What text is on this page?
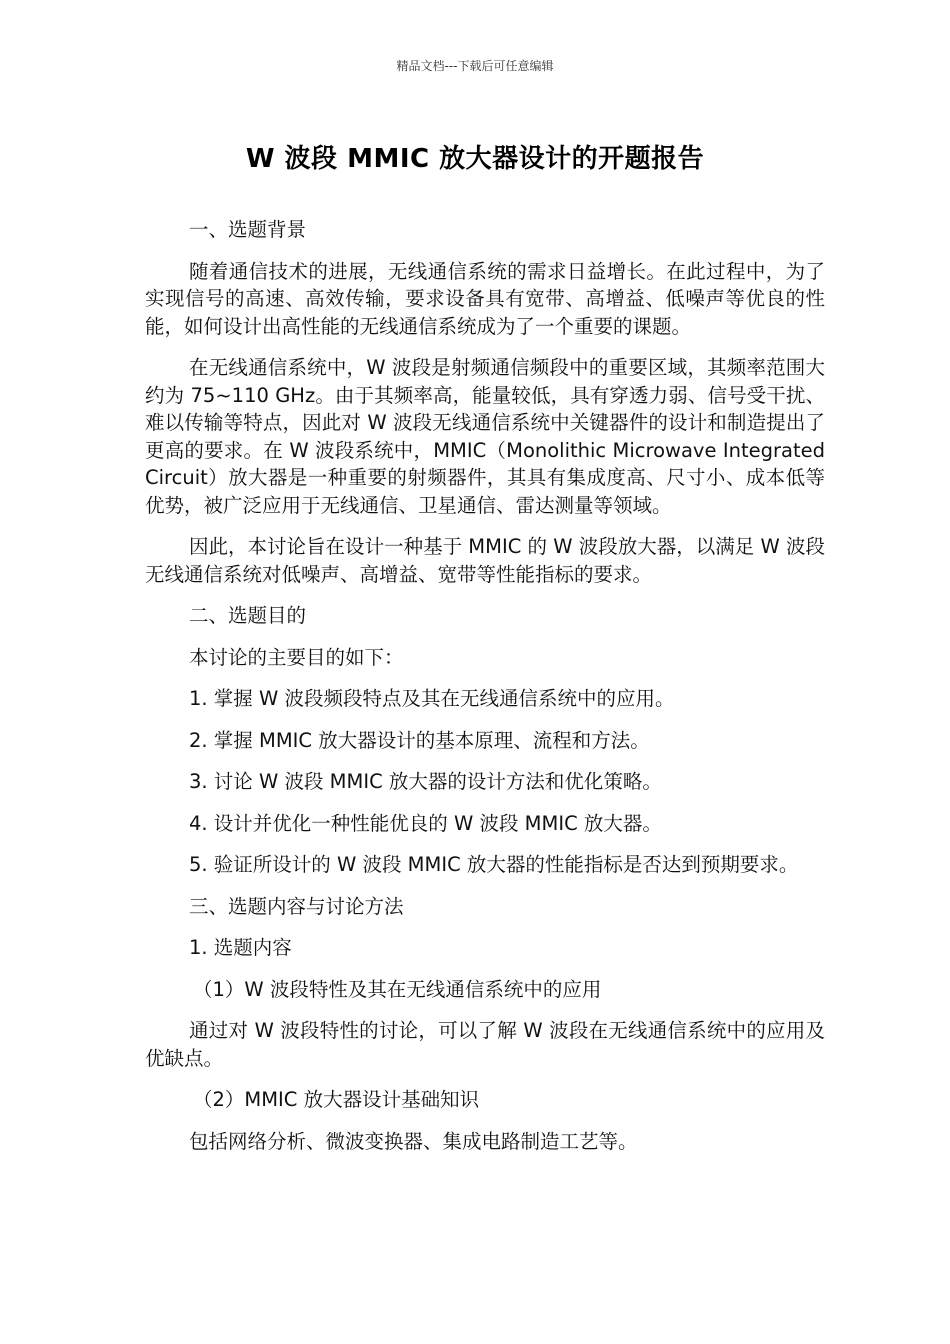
精品文档---下载后可任意编辑
W 波段 MMIC 放大器设计的开题报告
一、选题背景

随着通信技术的进展，无线通信系统的需求日益增长。在此过程中，为了实现信号的高速、高效传输，要求设备具有宽带、高增益、低噪声等优良的性能，如何设计出高性能的无线通信系统成为了一个重要的课题。

在无线通信系统中，W 波段是射频通信频段中的重要区域，其频率范围大约为 75~110 GHz。由于其频率高，能量较低，具有穿透力弱、信号受干扰、难以传输等特点，因此对 W 波段无线通信系统中关键器件的设计和制造提出了更高的要求。在 W 波段系统中，MMIC（Monolithic Microwave Integrated Circuit）放大器是一种重要的射频器件，其具有集成度高、尺寸小、成本低等优势，被广泛应用于无线通信、卫星通信、雷达测量等领域。

因此，本讨论旨在设计一种基于 MMIC 的 W 波段放大器，以满足 W 波段无线通信系统对低噪声、高增益、宽带等性能指标的要求。

二、选题目的
本讨论的主要目的如下：
1. 掌握 W 波段频段特点及其在无线通信系统中的应用。
2. 掌握 MMIC 放大器设计的基本原理、流程和方法。
3. 讨论 W 波段 MMIC 放大器的设计方法和优化策略。
4. 设计并优化一种性能优良的 W 波段 MMIC 放大器。
5. 验证所设计的 W 波段 MMIC 放大器的性能指标是否达到预期要求。
三、选题内容与讨论方法
1. 选题内容
（1）W 波段特性及其在无线通信系统中的应用

通过对 W 波段特性的讨论，可以了解 W 波段在无线通信系统中的应用及优缺点。

（2）MMIC 放大器设计基础知识
包括网络分析、微波变换器、集成电路制造工艺等。
